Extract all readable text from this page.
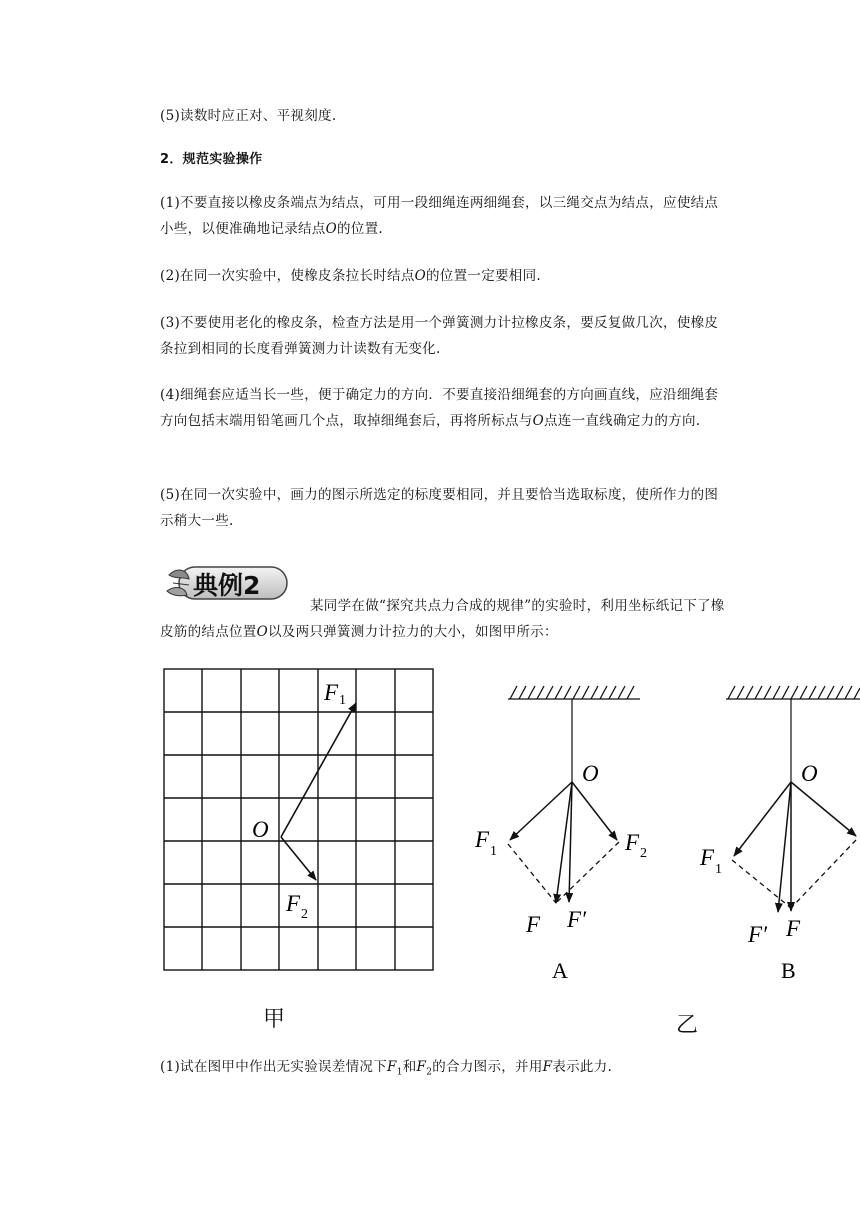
(5)读数时应正对、平视刻度.
2．规范实验操作
(1)不要直接以橡皮条端点为结点，可用一段细绳连两细绳套，以三绳交点为结点，应使结点小些，以便准确地记录结点O的位置.
(2)在同一次实验中，使橡皮条拉长时结点O的位置一定要相同.
(3)不要使用老化的橡皮条，检查方法是用一个弹簧测力计拉橡皮条，要反复做几次，使橡皮条拉到相同的长度看弹簧测力计读数有无变化.
(4)细绳套应适当长一些，便于确定力的方向．不要直接沿细绳套的方向画直线，应沿细绳套方向包括末端用铅笔画几个点，取掉细绳套后，再将所标点与O点连一直线确定力的方向.
(5)在同一次实验中，画力的图示所选定的标度要相同，并且要恰当选取标度，使所作力的图示稍大一些.
典例2
某同学在做“探究共点力合成的规律”的实验时，利用坐标纸记下了橡皮筋的结点位置O以及两只弹簧测力计拉力的大小，如图甲所示：
O
F 1
F 2
甲
O
F 1	F 2
F F′
A
O
F 1
F′ F
B
乙
(1)试在图甲中作出无实验误差情况下$F_1$和$F_2$的合力图示，并用F表示此力.
